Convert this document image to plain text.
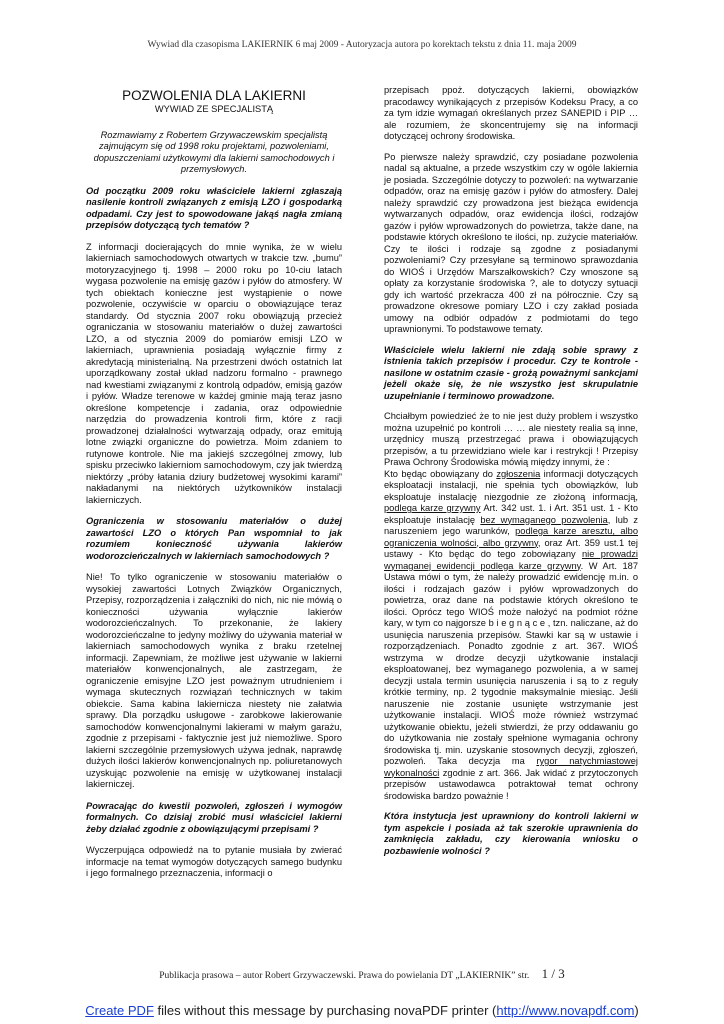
Wywiad dla czasopisma LAKIERNIK 6 maj 2009 - Autoryzacja autora po korektach tekstu z dnia 11. maja 2009
POZWOLENIA DLA LAKIERNI
WYWIAD ZE SPECJALISTĄ

Rozmawiamy z Robertem Grzywaczewskim specjalistą zajmującym się od 1998 roku projektami, pozwoleniami, dopuszczeniami użytkowymi dla lakierni samochodowych i przemysłowych.

Od początku 2009 roku właściciele lakierni zgłaszają nasilenie kontroli związanych z emisją LZO i gospodarką odpadami. Czy jest to spowodowane jakąś nagła zmianą przepisów dotyczącą tych tematów ?

Z informacji docierających do mnie wynika, że w wielu lakierniach samochodowych otwartych w trakcie tzw. „bumu” motoryzacyjnego tj. 1998 – 2000 roku po 10-ciu latach wygasa pozwolenie na emisję gazów i pyłów do atmosfery. W tych obiektach konieczne jest wystąpienie o nowe pozwolenie, oczywiście w oparciu o obowiązujące teraz standardy. Od stycznia 2007 roku obowiązują przecież ograniczania w stosowaniu materiałów o dużej zawartości LZO, a od stycznia 2009 do pomiarów emisji LZO w lakierniach, uprawnienia posiadają wyłącznie firmy z akredytacją ministerialną. Na przestrzeni dwóch ostatnich lat uporządkowany został układ nadzoru formalno - prawnego nad kwestiami związanymi z kontrolą odpadów, emisją gazów i pyłów. Władze terenowe w każdej gminie mają teraz jasno określone kompetencje i zadania, oraz odpowiednie narzędzia do prowadzenia kontroli firm, które z racji prowadzonej działalności wytwarzają odpady, oraz emitują lotne związki organiczne do powietrza. Moim zdaniem to rutynowe kontrole. Nie ma jakiejś szczególnej zmowy, lub spisku przeciwko lakierniom samochodowym, czy jak twierdzą niektórzy „próby łatania dziury budżetowej wysokimi karami” nakładanymi na niektórych użytkowników instalacji lakierniczych.

Ograniczenia w stosowaniu materiałów o dużej zawartości LZO o których Pan wspomniał to jak rozumiem konieczność używania lakierów wodorozcieńczalnych w lakierniach samochodowych ?

Nie! To tylko ograniczenie w stosowaniu materiałów o wysokiej zawartości Lotnych Związków Organicznych, Przepisy, rozporządzenia i załączniki do nich, nic nie mówią o konieczności używania wyłącznie lakierów wodorozcieńczalnych. To przekonanie, że lakiery wodorozcieńczalne to jedyny możliwy do używania materiał w lakierniach samochodowych wynika z braku rzetelnej informacji. Zapewniam, że możliwe jest używanie w lakierni materiałów konwencjonalnych, ale zastrzegam, że ograniczenie emisyjne LZO jest poważnym utrudnieniem i wymaga skutecznych rozwiązań technicznych w takim obiekcie. Sama kabina lakiernicza niestety nie załatwia sprawy. Dla porządku usługowe - zarobkowe lakierowanie samochodów konwencjonalnymi lakierami w małym garażu, zgodnie z przepisami - faktycznie jest już niemożliwe. Sporo lakierni szczególnie przemysłowych używa jednak, naprawdę dużych ilości lakierów konwencjonalnych np. poliuretanowych uzyskując pozwolenie na emisję w użytkowanej instalacji lakierniczej.

Powracając do kwestii pozwoleń, zgłoszeń i wymogów formalnych. Co dzisiaj zrobić musi właściciel lakierni żeby działać zgodnie z obowiązującymi przepisami ?

Wyczerpująca odpowiedź na to pytanie musiała by zwierać informacje na temat wymogów dotyczących samego budynku i jego formalnego przeznaczenia, informacji o

przepisach ppoż. dotyczących lakierni, obowiązków pracodawcy wynikających z przepisów Kodeksu Pracy, a co za tym idzie wymagań określanych przez SANEPID i PIP … ale rozumiem, że skoncentrujemy się na informacji dotyczącej ochrony środowiska.

Po pierwsze należy sprawdzić, czy posiadane pozwolenia nadal są aktualne, a przede wszystkim czy w ogóle lakiernia je posiada. Szczególnie dotyczy to pozwoleń: na wytwarzanie odpadów, oraz na emisję gazów i pyłów do atmosfery. Dalej należy sprawdzić czy prowadzona jest bieżąca ewidencja wytwarzanych odpadów, oraz ewidencja ilości, rodzajów gazów i pyłów wprowadzonych do powietrza, także dane, na podstawie których określono te ilości, np. zużycie materiałów. Czy te ilości i rodzaje są zgodne z posiadanymi pozwoleniami? Czy przesyłane są terminowo sprawozdania do WIOŚ i Urzędów Marszałkowskich? Czy wnoszone są opłaty za korzystanie środowiska ?, ale to dotyczy sytuacji gdy ich wartość przekracza 400 zł na półrocznie. Czy są prowadzone okresowe pomiary LZO i czy zakład posiada umowy na odbiór odpadów z podmiotami do tego uprawnionymi. To podstawowe tematy.

Właściciele wielu lakierni nie zdają sobie sprawy z istnienia takich przepisów i procedur. Czy te kontrole -nasilone w ostatnim czasie - grożą poważnymi sankcjami jeżeli okaże się, że nie wszystko jest skrupulatnie uzupełnianie i terminowo prowadzone.

Chciałbym powiedzieć że to nie jest duży problem i wszystko można uzupełnić po kontroli … … ale niestety realia są inne, urzędnicy muszą przestrzegać prawa i obowiązujących przepisów, a tu przewidziano wiele kar i restrykcji ! Przepisy Prawa Ochrony Środowiska mówią między innymi, że :
Kto będąc obowiązany do zgłoszenia informacji dotyczących eksploatacji instalacji, nie spełnia tych obowiązków, lub eksploatuje instalację niezgodnie ze złożoną informacją, podlega karze grzywny Art. 342 ust. 1. i Art. 351 ust. 1 - Kto eksploatuje instalację bez wymaganego pozwolenia, lub z naruszeniem jego warunków, podlega karze aresztu, albo ograniczenia wolności, albo grzywny, oraz Art. 359 ust.1 tej ustawy - Kto będąc do tego zobowiązany nie prowadzi wymaganej ewidencji podlega karze grzywny. W Art. 187 Ustawa mówi o tym, że należy prowadzić ewidencję m.in. o ilości i rodzajach gazów i pyłów wprowadzonych do powietrza, oraz dane na podstawie których określono te ilości. Oprócz tego WIOŚ może nałożyć na podmiot różne kary, w tym co najgorsze b i e g n ą c e , tzn. naliczane, aż do usunięcia naruszenia przepisów. Stawki kar są w ustawie i rozporządzeniach. Ponadto zgodnie z art. 367. WIOŚ wstrzyma w drodze decyzji użytkowanie instalacji eksploatowanej, bez wymaganego pozwolenia, a w samej decyzji ustala termin usunięcia naruszenia i są to z reguły krótkie terminy, np. 2 tygodnie maksymalnie miesiąc. Jeśli naruszenie nie zostanie usunięte wstrzymanie jest użytkowanie instalacji. WIOŚ może również wstrzymać użytkowanie obiektu, jeżeli stwierdzi, że przy oddawaniu go do użytkowania nie zostały spełnione wymagania ochrony środowiska tj. min. uzyskanie stosownych decyzji, zgłoszeń, pozwoleń. Taka decyzja ma rygor natychmiastowej wykonalności zgodnie z art. 366. Jak widać z przytoczonych przepisów ustawodawca potraktował temat ochrony środowiska bardzo poważnie !

Która instytucja jest uprawniony do kontroli lakierni w tym aspekcie i posiada aż tak szerokie uprawnienia do zamknięcia zakładu, czy kierowania wniosku o pozbawienie wolności ?

Publikacja prasowa – autor Robert Grzywaczewski. Prawa do powielania DT „LAKIERNIK” str. 1 / 3
Create PDF files without this message by purchasing novaPDF printer (http://www.novapdf.com)
